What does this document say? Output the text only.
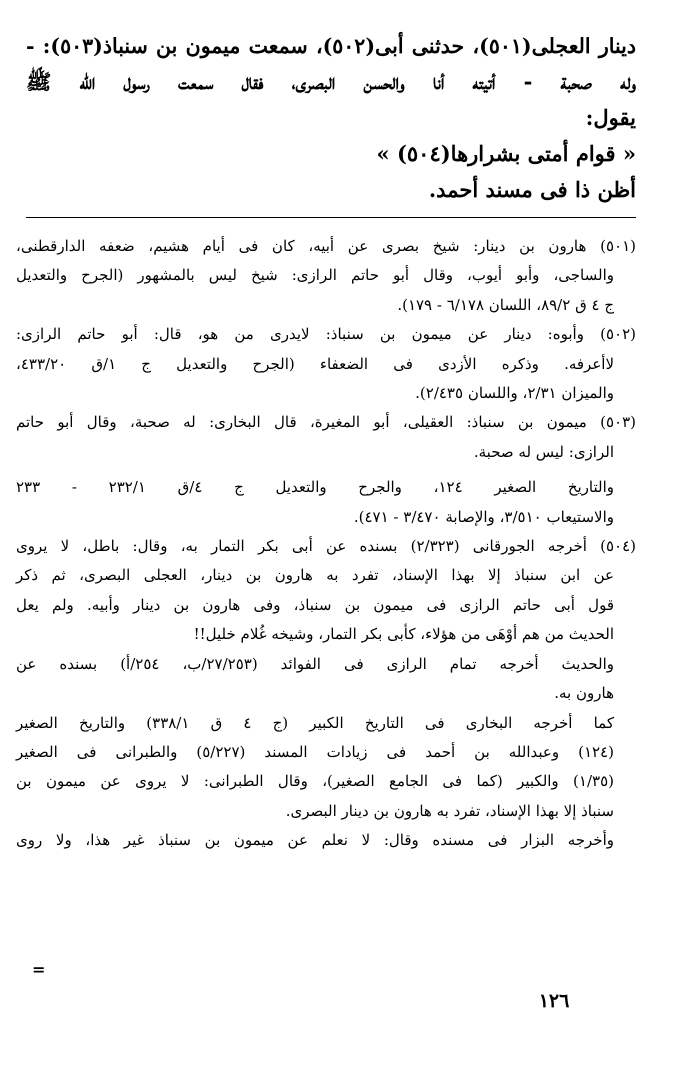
دينار العجلى(٥٠١)، حدثنى أبى(٥٠٢)، سمعت ميمون بن سنباذ(٥٠٣): -
وله صحبة - أتيته أنا والحسن البصرى، فقال سمعت رسول الله ﷺ
يقول:
« قوام أمتى بشرارها(٥٠٤) »
أظن ذا فى مسند أحمد.
(٥٠١) هارون بن دينار: شيخ بصرى عن أبيه، كان فى أيام هشيم، ضعفه الدارقطنى،
والساجى، وأبو أيوب، وقال أبو حاتم الرازى: شيخ ليس بالمشهور (الجرح والتعديل
ج ٤ ق ٨٩/٢، اللسان ٦/١٧٨ - ١٧٩).
(٥٠٢) وأبوه: دينار عن ميمون بن سنباذ: لايدرى من هو، قال: أبو حاتم الرازى:
لاأعرفه. وذكره الأزدى فى الضعفاء (الجرح والتعديل ج ١/ق ٤٣٣/٢٠،
والميزان ٢/٣١، واللسان ٢/٤٣٥).
(٥٠٣) ميمون بن سنباذ: العقيلى، أبو المغيرة، قال البخارى: له صحبة، وقال أبو حاتم
الرازى: ليس له صحبة.
والتاريخ الصغير ١٢٤، والجرح والتعديل ج ٤/ق ٢٣٢/١ - ٢٣٣
والاستيعاب ٣/٥١٠، والإصابة ٣/٤٧٠ - ٤٧١).
(٥٠٤) أخرجه الجورقانى (٢/٣٢٣) بسنده عن أبى بكر التمار به، وقال: باطل، لا يروى
عن ابن سنباذ إلا بهذا الإسناد، تفرد به هارون بن دينار، العجلى البصرى، ثم ذكر
قول أبى حاتم الرازى فى ميمون بن سنباذ، وفى هارون بن دينار وأبيه. ولم يعل
الحديث من هم أوْهَى من هؤلاء، كأبى بكر التمار، وشيخه غُلام خليل!!
والحديث أخرجه تمام الرازى فى الفوائد (٢٧/٢٥٣/ب، ٢٥٤/أ) بسنده عن
هارون به.
كما أخرجه البخارى فى التاريخ الكبير (ج ٤ ق ٣٣٨/١) والتاريخ الصغير
(١٢٤) وعبدالله بن أحمد فى زيادات المسند (٥/٢٢٧) والطبرانى فى الصغير
(١/٣٥) والكبير (كما فى الجامع الصغير)، وقال الطبرانى: لا يروى عن ميمون بن
سنباذ إلا بهذا الإسناد، تفرد به هارون بن دينار البصرى.
وأخرجه البزار فى مسنده وقال: لا نعلم عن ميمون بن سنباذ غير هذا، ولا روى
=
١٢٦
